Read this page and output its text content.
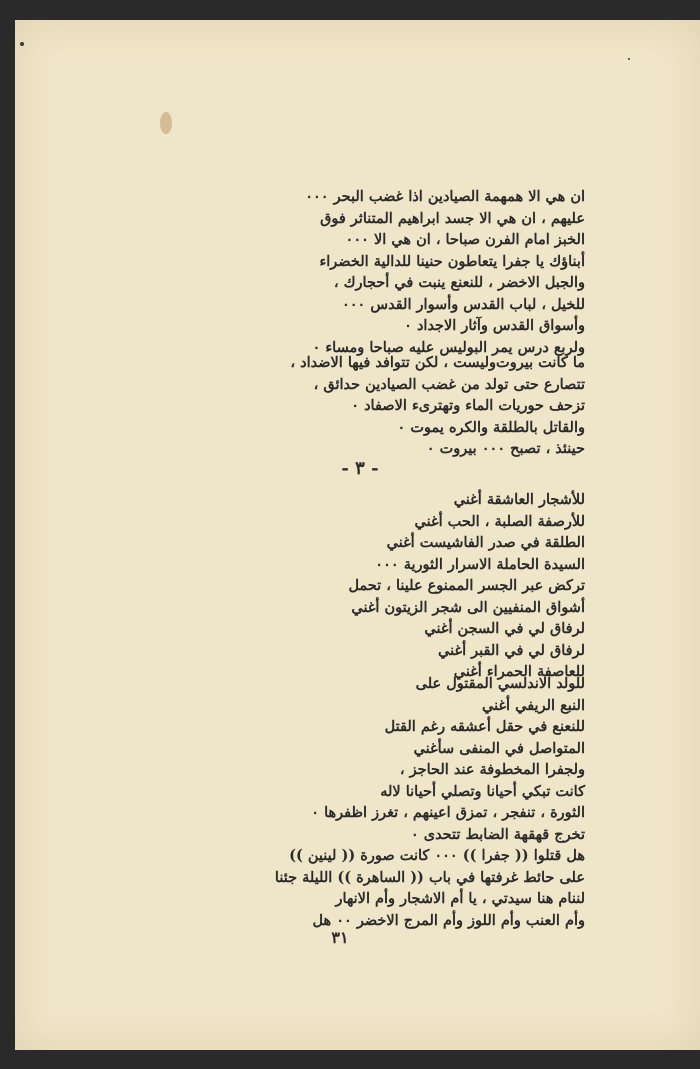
ان هي الا همهمة الصيادين اذا غضب البحر ٠٠٠
عليهم ، ان هي الا جسد ابراهيم المتناثر فوق
الخبز امام الفرن صباحا ، ان هي الا ٠٠٠
أبناؤك يا جفرا يتعاطون حنينا للدالية الخضراء
والجبل الاخضر ، للنعنع ينبت في أحجارك ،
للخيل ، لباب القدس وأسوار القدس ٠٠٠
وأسواق القدس وآثار الاجداد ٠
ولربع درس يمر البوليس عليه صباحا ومساء ٠
ما كانت بيروت‌وليست ، لكن تتوافد فيها الاضداد ،
تتصارع حتى تولد من غضب الصيادين حدائق ،
تزحف حوريات الماء وتهترىء الاصفاد ٠
والقاتل بالطلقة والكره يموت ٠
حينئذ ، تصبح ٠٠٠ بيروت ٠
- ٣ -
للأشجار العاشقة أغني
للأرصفة الصلبة ، الحب أغني
الطلقة في صدر الفاشيست أغني
السيدة الحاملة الاسرار الثورية ٠٠٠
تركض عبر الجسر الممنوع علينا ، تحمل
أشواق المنفيين الى شجر الزيتون أغني
لرفاق لي في السجن أغني
لرفاق لي في القبر أغني
للعاصفة الحمراء أغني
للولد الاندلسي المقتول على
النبع الريفي أغني
للنعنع في حقل أعشقه رغم القتل
المتواصل في المنفى سأغني
ولجفرا المخطوفة عند الحاجز ،
كانت تبكي أحيانا وتصلي أحيانا لاله
الثورة ، تنفجر ، تمزق اعينهم ، تغرز اظفرها ٠
تخرج قهقهة الضابط تتحدى ٠
هل قتلوا (( جفرا )) ٠٠٠ كانت صورة (( لينين ))
على حائط غرفتها في باب (( الساهرة )) الليلة جئنا
لننام هنا سيدتي ، يا أم الاشجار وأم الانهار
وأم العنب وأم اللوز وأم المرج الاخضر ٠٠ هل
٣١
